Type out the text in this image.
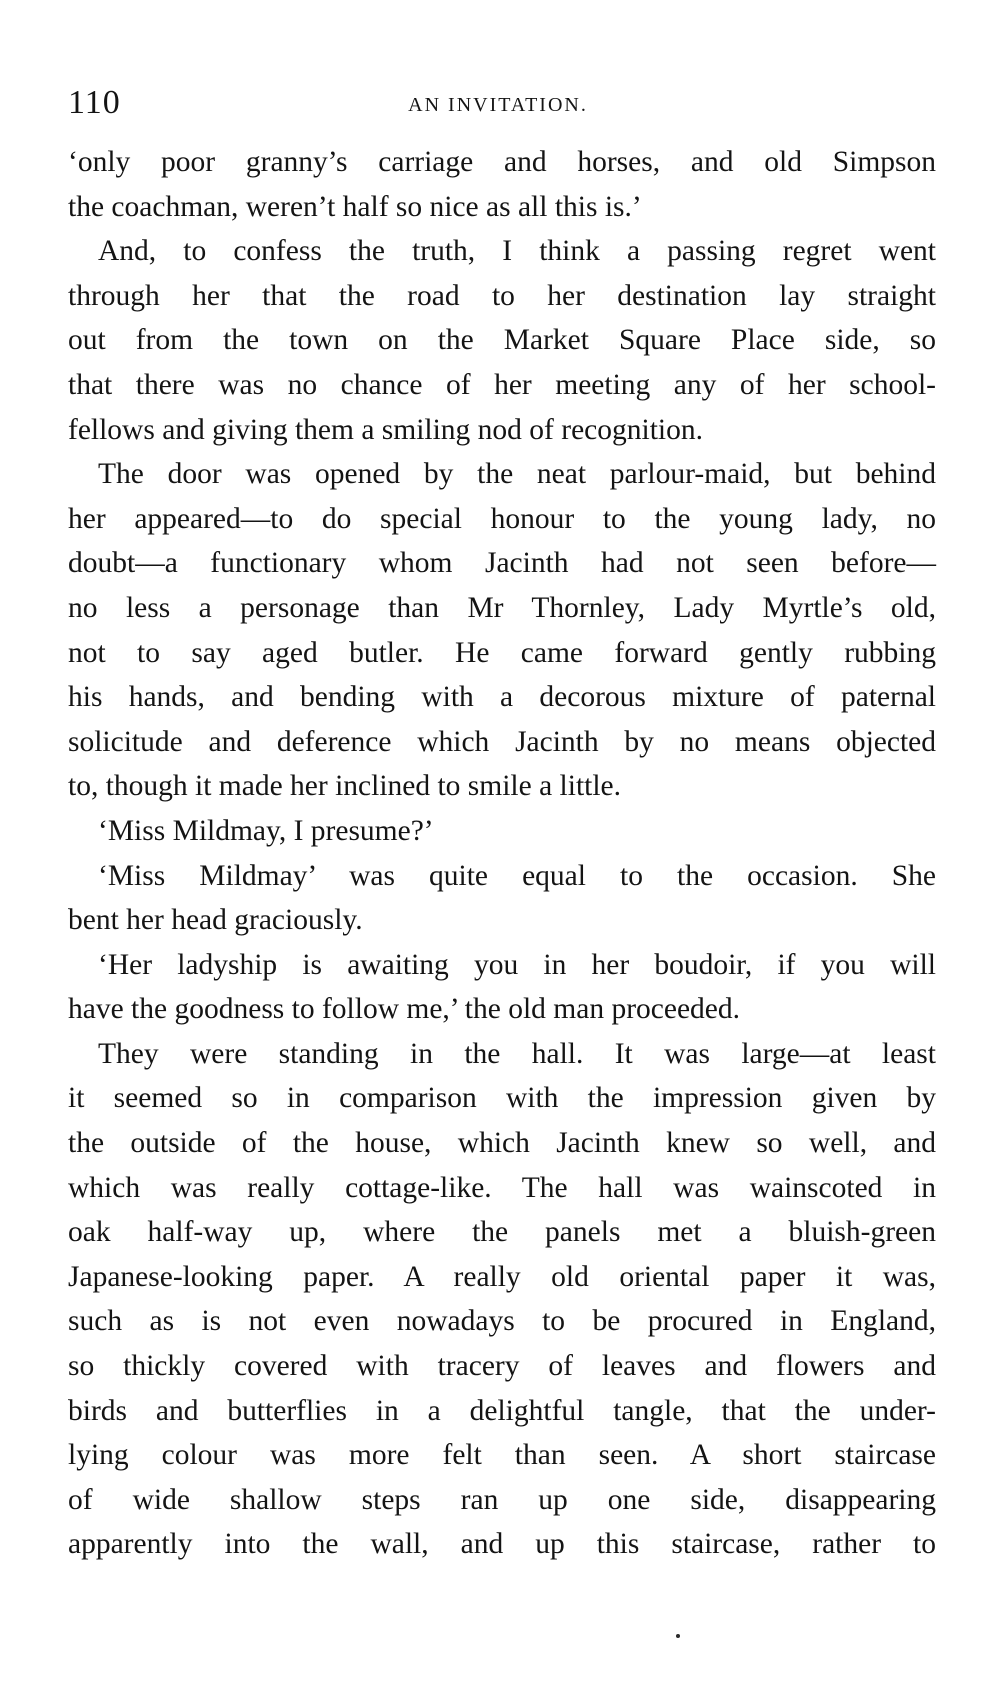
110	AN INVITATION.
‘only poor granny’s carriage and horses, and old Simpson
the coachman, weren’t half so nice as all this is.’
And, to confess the truth, I think a passing regret went
through her that the road to her destination lay straight
out from the town on the Market Square Place side, so
that there was no chance of her meeting any of her school-
fellows and giving them a smiling nod of recognition.
The door was opened by the neat parlour-maid, but behind
her appeared—to do special honour to the young lady, no
doubt—a functionary whom Jacinth had not seen before—
no less a personage than Mr Thornley, Lady Myrtle’s old,
not to say aged butler. He came forward gently rubbing
his hands, and bending with a decorous mixture of paternal
solicitude and deference which Jacinth by no means objected
to, though it made her inclined to smile a little.
‘Miss Mildmay, I presume?’
‘Miss Mildmay’ was quite equal to the occasion. She
bent her head graciously.
‘Her ladyship is awaiting you in her boudoir, if you will
have the goodness to follow me,’ the old man proceeded.
They were standing in the hall. It was large—at least
it seemed so in comparison with the impression given by
the outside of the house, which Jacinth knew so well, and
which was really cottage-like. The hall was wainscoted in
oak half-way up, where the panels met a bluish-green
Japanese-looking paper. A really old oriental paper it was,
such as is not even nowadays to be procured in England,
so thickly covered with tracery of leaves and flowers and
birds and butterflies in a delightful tangle, that the under-
lying colour was more felt than seen. A short staircase
of wide shallow steps ran up one side, disappearing
apparently into the wall, and up this staircase, rather to
